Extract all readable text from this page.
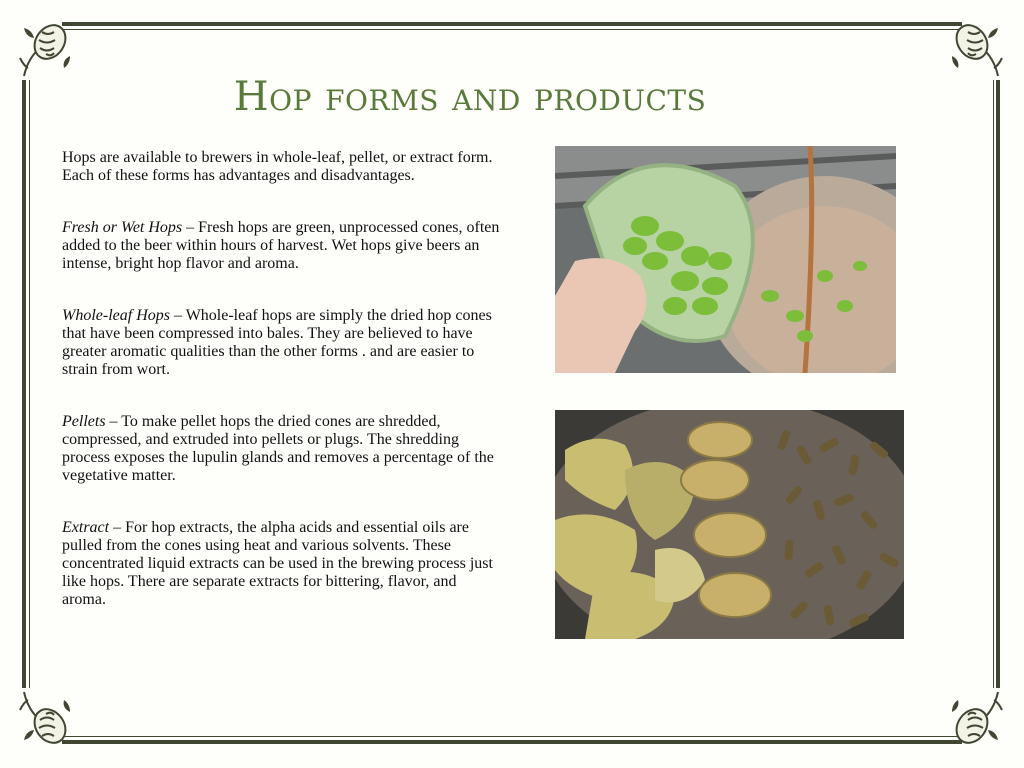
Hop forms and products

Hops are available to brewers in whole-leaf, pellet, or extract form. Each of these forms has advantages and disadvantages.

Fresh or Wet Hops – Fresh hops are green, unprocessed cones, often added to the beer within hours of harvest. Wet hops give beers an intense, bright hop flavor and aroma.

Whole-leaf Hops – Whole-leaf hops are simply the dried hop cones that have been compressed into bales. They are believed to have greater aromatic qualities than the other forms . and are easier to strain from wort.

Pellets – To make pellet hops the dried cones are shredded, compressed, and extruded into pellets or plugs. The shredding process exposes the lupulin glands and removes a percentage of the vegetative matter.

Extract – For hop extracts, the alpha acids and essential oils are pulled from the cones using heat and various solvents. These concentrated liquid extracts can be used in the brewing process just like hops. There are separate extracts for bittering, flavor, and aroma.
